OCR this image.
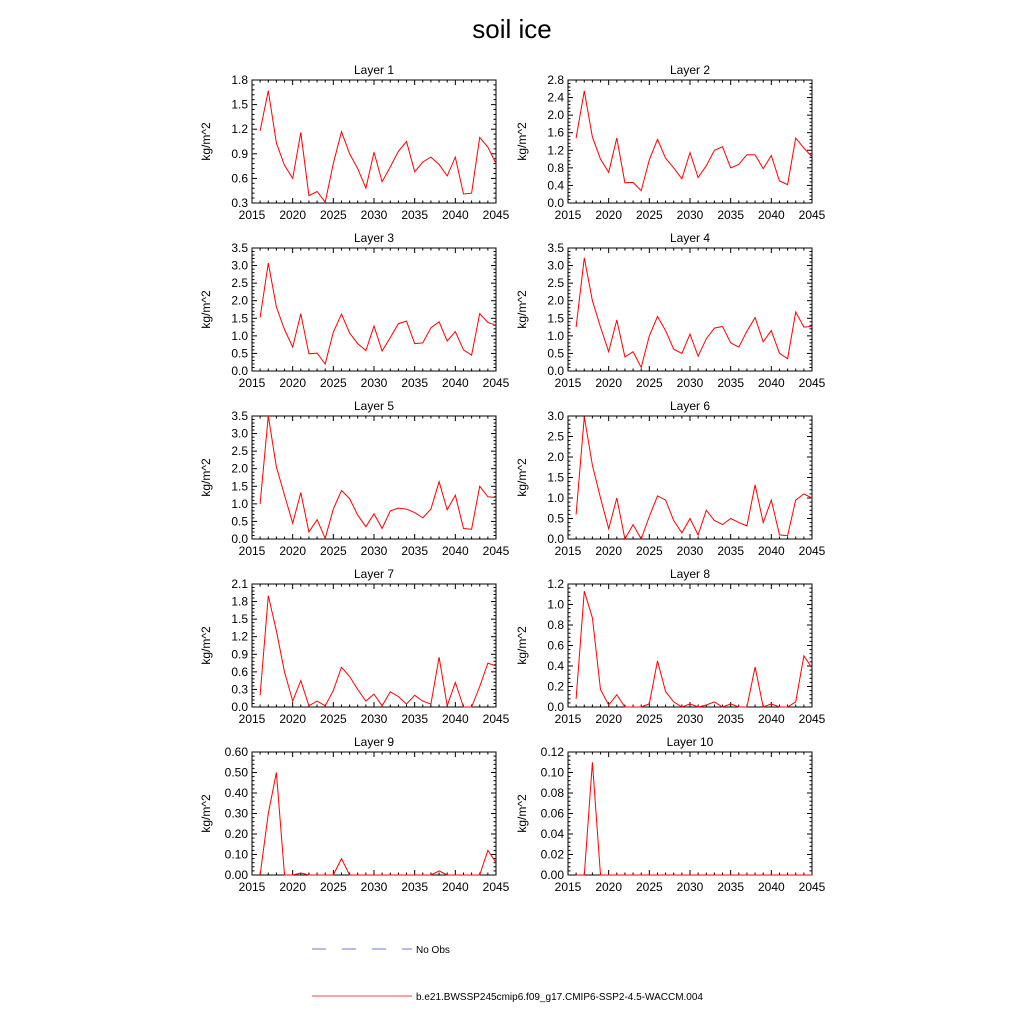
soil ice
Layer 1
kg/m^2
2015 2020 2025 2030 2035 2040 2045
0.3
0.6
0.9
1.2
1.5
1.8
Layer 2
kg/m^2
2015 2020 2025 2030 2035 2040 2045
0.0
0.4
0.8
1.2
1.6
2.0
2.4
2.8
Layer 3
kg/m^2
2015 2020 2025 2030 2035 2040 2045
0.0
0.5
1.0
1.5
2.0
2.5
3.0
3.5
Layer 4
kg/m^2
2015 2020 2025 2030 2035 2040 2045
0.0
0.5
1.0
1.5
2.0
2.5
3.0
3.5
Layer 5
kg/m^2
2015 2020 2025 2030 2035 2040 2045
0.0
0.5
1.0
1.5
2.0
2.5
3.0
3.5
Layer 6
kg/m^2
2015 2020 2025 2030 2035 2040 2045
0.0
0.5
1.0
1.5
2.0
2.5
3.0
Layer 7
kg/m^2
2015 2020 2025 2030 2035 2040 2045
0.0
0.3
0.6
0.9
1.2
1.5
1.8
2.1
Layer 8
kg/m^2
2015 2020 2025 2030 2035 2040 2045
0.0
0.2
0.4
0.6
0.8
1.0
1.2
Layer 9
kg/m^2
2015 2020 2025 2030 2035 2040 2045
0.00
0.10
0.20
0.30
0.40
0.50
0.60
Layer 10
kg/m^2
2015 2020 2025 2030 2035 2040 2045
0.00
0.02
0.04
0.06
0.08
0.10
0.12
No Obs
b.e21.BWSSP245cmip6.f09_g17.CMIP6-SSP2-4.5-WACCM.004
